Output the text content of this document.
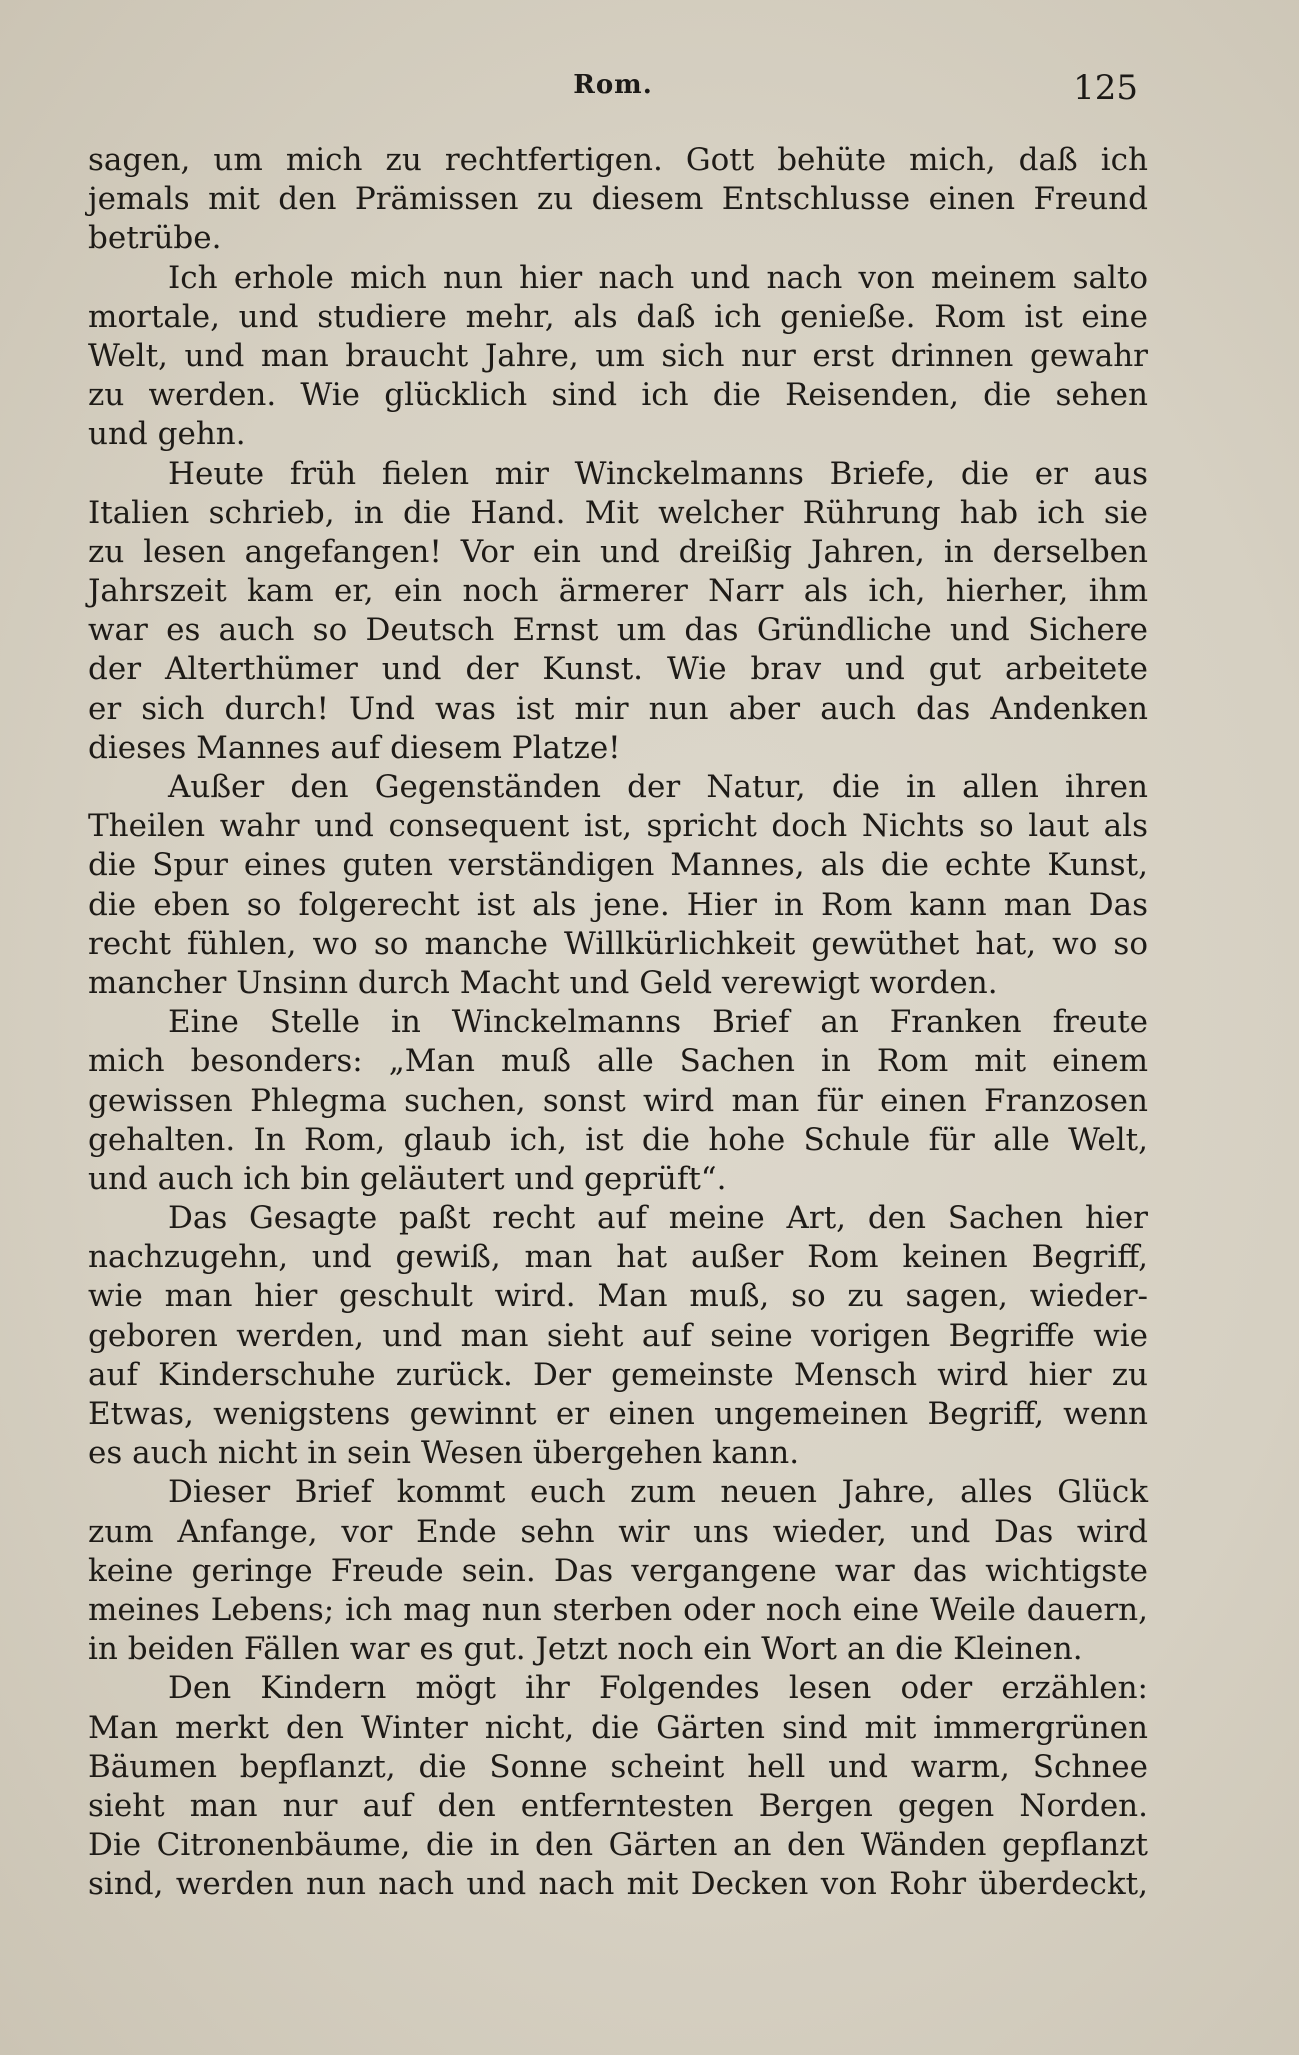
Rom.	125
sagen, um mich zu rechtfertigen. Gott behüte mich, daß ich
jemals mit den Prämissen zu diesem Entschlusse einen Freund
betrübe.
Ich erhole mich nun hier nach und nach von meinem salto
mortale, und studiere mehr, als daß ich genieße. Rom ist eine
Welt, und man braucht Jahre, um sich nur erst drinnen gewahr
zu werden. Wie glücklich sind ich die Reisenden, die sehen
und gehn.
Heute früh fielen mir Winckelmanns Briefe, die er aus
Italien schrieb, in die Hand. Mit welcher Rührung hab ich sie
zu lesen angefangen! Vor ein und dreißig Jahren, in derselben
Jahrszeit kam er, ein noch ärmerer Narr als ich, hierher, ihm
war es auch so Deutsch Ernst um das Gründliche und Sichere
der Alterthümer und der Kunst. Wie brav und gut arbeitete
er sich durch! Und was ist mir nun aber auch das Andenken
dieses Mannes auf diesem Platze!
Außer den Gegenständen der Natur, die in allen ihren
Theilen wahr und consequent ist, spricht doch Nichts so laut als
die Spur eines guten verständigen Mannes, als die echte Kunst,
die eben so folgerecht ist als jene. Hier in Rom kann man Das
recht fühlen, wo so manche Willkürlichkeit gewüthet hat, wo so
mancher Unsinn durch Macht und Geld verewigt worden.
Eine Stelle in Winckelmanns Brief an Franken freute
mich besonders: „Man muß alle Sachen in Rom mit einem
gewissen Phlegma suchen, sonst wird man für einen Franzosen
gehalten. In Rom, glaub ich, ist die hohe Schule für alle Welt,
und auch ich bin geläutert und geprüft“.
Das Gesagte paßt recht auf meine Art, den Sachen hier
nachzugehn, und gewiß, man hat außer Rom keinen Begriff,
wie man hier geschult wird. Man muß, so zu sagen, wieder-
geboren werden, und man sieht auf seine vorigen Begriffe wie
auf Kinderschuhe zurück. Der gemeinste Mensch wird hier zu
Etwas, wenigstens gewinnt er einen ungemeinen Begriff, wenn
es auch nicht in sein Wesen übergehen kann.
Dieser Brief kommt euch zum neuen Jahre, alles Glück
zum Anfange, vor Ende sehn wir uns wieder, und Das wird
keine geringe Freude sein. Das vergangene war das wichtigste
meines Lebens; ich mag nun sterben oder noch eine Weile dauern,
in beiden Fällen war es gut. Jetzt noch ein Wort an die Kleinen.
Den Kindern mögt ihr Folgendes lesen oder erzählen:
Man merkt den Winter nicht, die Gärten sind mit immergrünen
Bäumen bepflanzt, die Sonne scheint hell und warm, Schnee
sieht man nur auf den entferntesten Bergen gegen Norden.
Die Citronenbäume, die in den Gärten an den Wänden gepflanzt
sind, werden nun nach und nach mit Decken von Rohr überdeckt,
